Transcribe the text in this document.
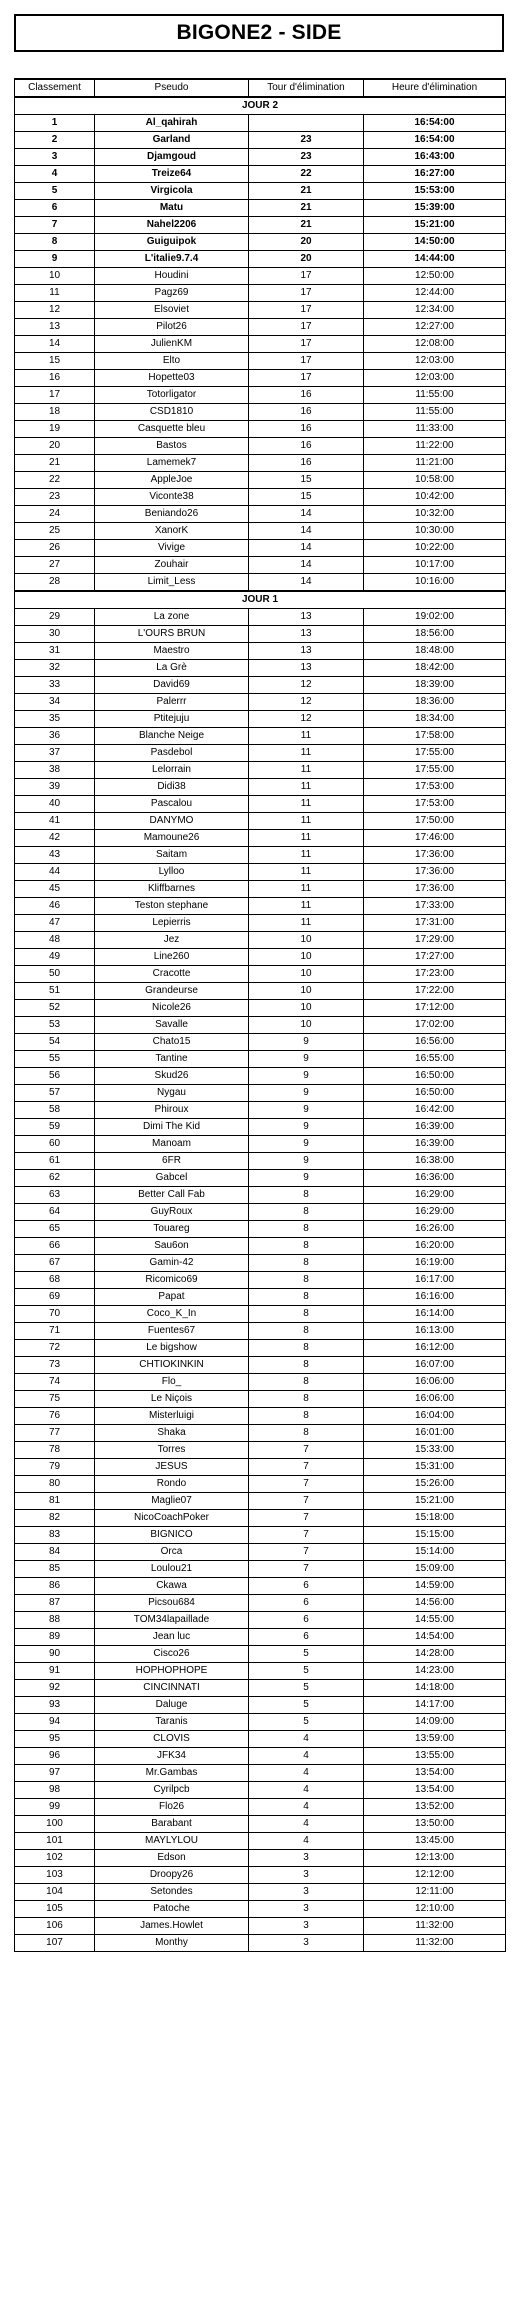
BIGONE2 - SIDE
Classement	Pseudo	Tour d'élimination	Heure d'élimination
JOUR 2			
1	Al_qahirah		16:54:00
2	Garland	23	16:54:00
3	Djamgoud	23	16:43:00
4	Treize64	22	16:27:00
5	Virgicola	21	15:53:00
6	Matu	21	15:39:00
7	Nahel2206	21	15:21:00
8	Guiguipok	20	14:50:00
9	L'italie9.7.4	20	14:44:00
10	Houdini	17	12:50:00
11	Pagz69	17	12:44:00
12	Elsoviet	17	12:34:00
13	Pilot26	17	12:27:00
14	JulienKM	17	12:08:00
15	Elto	17	12:03:00
16	Hopette03	17	12:03:00
17	Totorligator	16	11:55:00
18	CSD1810	16	11:55:00
19	Casquette bleu	16	11:33:00
20	Bastos	16	11:22:00
21	Lamemek7	16	11:21:00
22	AppleJoe	15	10:58:00
23	Viconte38	15	10:42:00
24	Beniando26	14	10:32:00
25	XanorK	14	10:30:00
26	Vivige	14	10:22:00
27	Zouhair	14	10:17:00
28	Limit_Less	14	10:16:00
JOUR 1			
29	La zone	13	19:02:00
30	L'OURS BRUN	13	18:56:00
31	Maestro	13	18:48:00
32	La Grè	13	18:42:00
33	David69	12	18:39:00
34	Palerrr	12	18:36:00
35	Ptitejuju	12	18:34:00
36	Blanche Neige	11	17:58:00
37	Pasdebol	11	17:55:00
38	Lelorrain	11	17:55:00
39	Didi38	11	17:53:00
40	Pascalou	11	17:53:00
41	DANYMO	11	17:50:00
42	Mamoune26	11	17:46:00
43	Saitam	11	17:36:00
44	Lylloo	11	17:36:00
45	Kliffbarnes	11	17:36:00
46	Teston stephane	11	17:33:00
47	Lepierris	11	17:31:00
48	Jez	10	17:29:00
49	Line260	10	17:27:00
50	Cracotte	10	17:23:00
51	Grandeurse	10	17:22:00
52	Nicole26	10	17:12:00
53	Savalle	10	17:02:00
54	Chato15	9	16:56:00
55	Tantine	9	16:55:00
56	Skud26	9	16:50:00
57	Nygau	9	16:50:00
58	Phiroux	9	16:42:00
59	Dimi The Kid	9	16:39:00
60	Manoam	9	16:39:00
61	6FR	9	16:38:00
62	Gabcel	9	16:36:00
63	Better Call Fab	8	16:29:00
64	GuyRoux	8	16:29:00
65	Touareg	8	16:26:00
66	Sau6on	8	16:20:00
67	Gamin-42	8	16:19:00
68	Ricomico69	8	16:17:00
69	Papat	8	16:16:00
70	Coco_K_In	8	16:14:00
71	Fuentes67	8	16:13:00
72	Le bigshow	8	16:12:00
73	CHTIOKINKIN	8	16:07:00
74	Flo_	8	16:06:00
75	Le Niçois	8	16:06:00
76	Misterluigi	8	16:04:00
77	Shaka	8	16:01:00
78	Torres	7	15:33:00
79	JESUS	7	15:31:00
80	Rondo	7	15:26:00
81	Maglie07	7	15:21:00
82	NicoCoachPoker	7	15:18:00
83	BIGNICO	7	15:15:00
84	Orca	7	15:14:00
85	Loulou21	7	15:09:00
86	Ckawa	6	14:59:00
87	Picsou684	6	14:56:00
88	TOM34lapaillade	6	14:55:00
89	Jean luc	6	14:54:00
90	Cisco26	5	14:28:00
91	HOPHOPHOPE	5	14:23:00
92	CINCINNATI	5	14:18:00
93	Daluge	5	14:17:00
94	Taranis	5	14:09:00
95	CLOVIS	4	13:59:00
96	JFK34	4	13:55:00
97	Mr.Gambas	4	13:54:00
98	Cyrilpcb	4	13:54:00
99	Flo26	4	13:52:00
100	Barabant	4	13:50:00
101	MAYLYLOU	4	13:45:00
102	Edson	3	12:13:00
103	Droopy26	3	12:12:00
104	Setondes	3	12:11:00
105	Patoche	3	12:10:00
106	James.Howlet	3	11:32:00
107	Monthy	3	11:32:00
